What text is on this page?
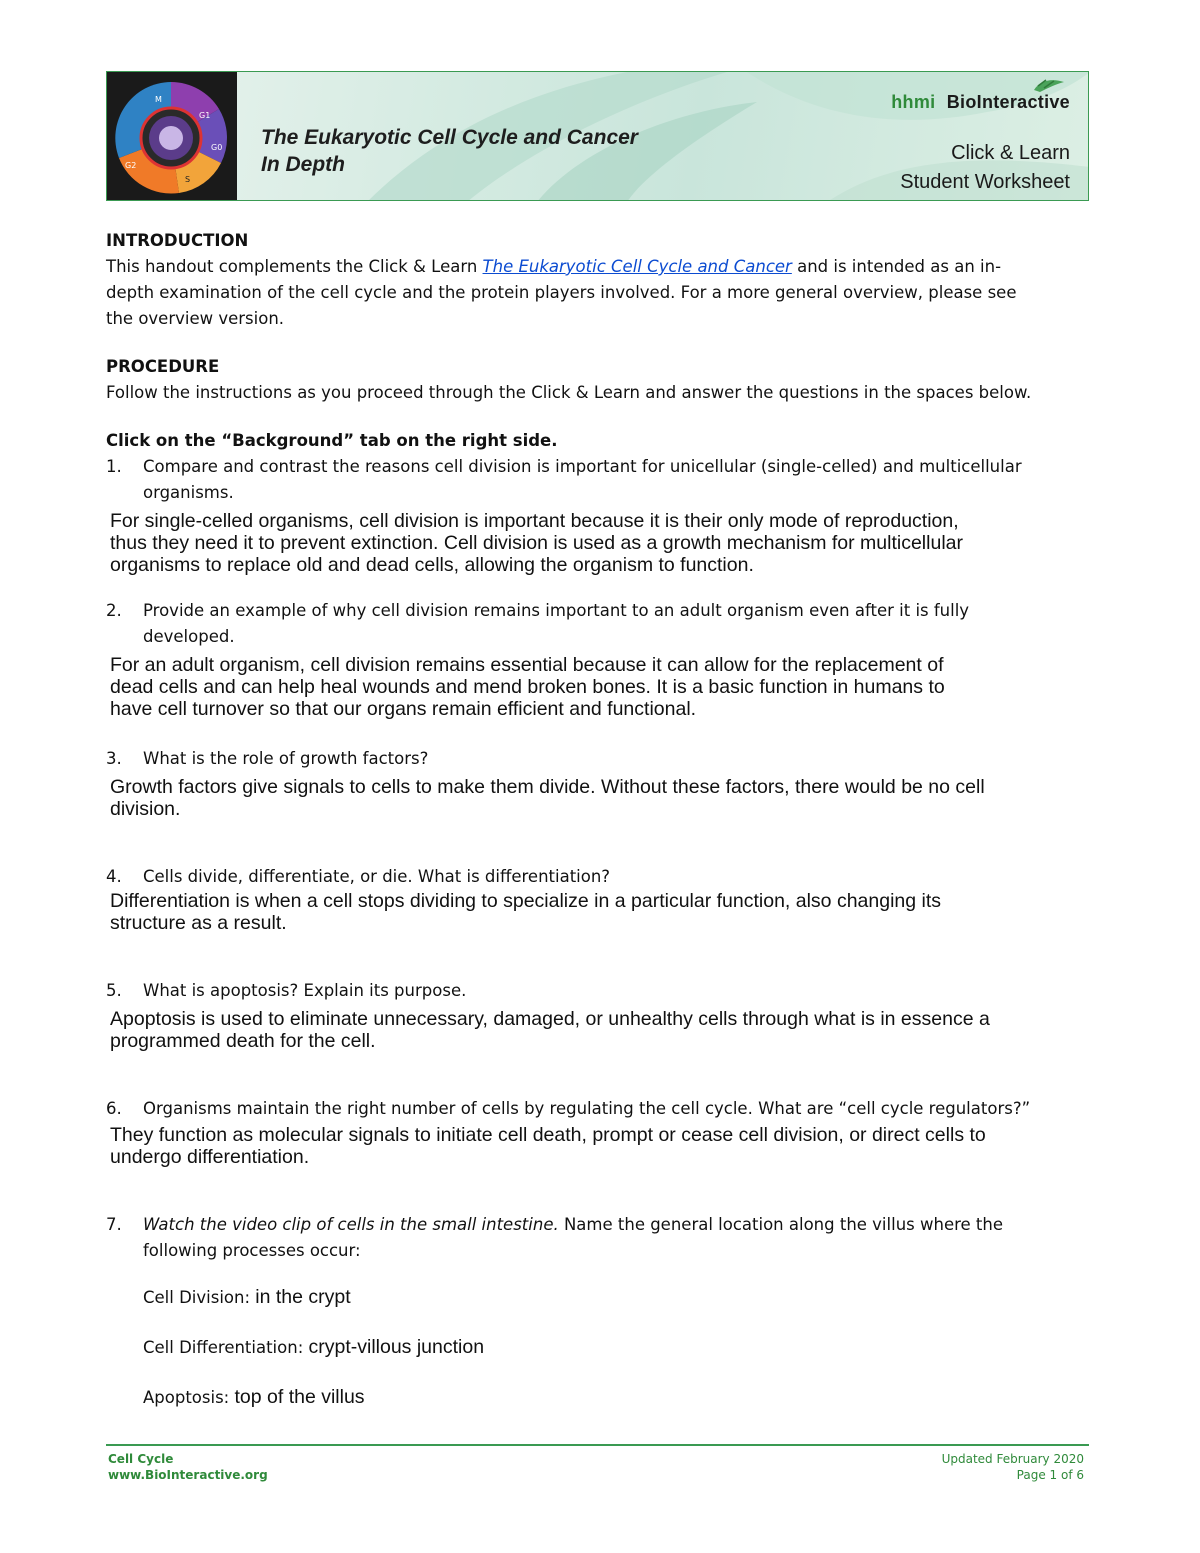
M
G1
G0
S
G2
The Eukaryotic Cell Cycle and Cancer
In Depth
hhmi BioInteractive
Click & Learn
Student Worksheet
INTRODUCTION
This handout complements the Click & Learn The Eukaryotic Cell Cycle and Cancer and is intended as an in-
depth examination of the cell cycle and the protein players involved. For a more general overview, please see
the overview version.
PROCEDURE
Follow the instructions as you proceed through the Click & Learn and answer the questions in the spaces below.
Click on the “Background” tab on the right side.
1. Compare and contrast the reasons cell division is important for unicellular (single-celled) and multicellular
organisms.
For single-celled organisms, cell division is important because it is their only mode of reproduction,
thus they need it to prevent extinction. Cell division is used as a growth mechanism for multicellular
organisms to replace old and dead cells, allowing the organism to function.
2. Provide an example of why cell division remains important to an adult organism even after it is fully
developed.
For an adult organism, cell division remains essential because it can allow for the replacement of
dead cells and can help heal wounds and mend broken bones. It is a basic function in humans to
have cell turnover so that our organs remain efficient and functional.
3. What is the role of growth factors?
Growth factors give signals to cells to make them divide. Without these factors, there would be no cell
division.
4. Cells divide, differentiate, or die. What is differentiation?
Differentiation is when a cell stops dividing to specialize in a particular function, also changing its
structure as a result.
5. What is apoptosis? Explain its purpose.
Apoptosis is used to eliminate unnecessary, damaged, or unhealthy cells through what is in essence a
programmed death for the cell.
6. Organisms maintain the right number of cells by regulating the cell cycle. What are “cell cycle regulators?”
They function as molecular signals to initiate cell death, prompt or cease cell division, or direct cells to
undergo differentiation.
7. Watch the video clip of cells in the small intestine. Name the general location along the villus where the
following processes occur:
Cell Division: in the crypt
Cell Differentiation: crypt-villous junction
Apoptosis: top of the villus
Cell Cycle
www.BioInteractive.org
Updated February 2020
Page 1 of 6
